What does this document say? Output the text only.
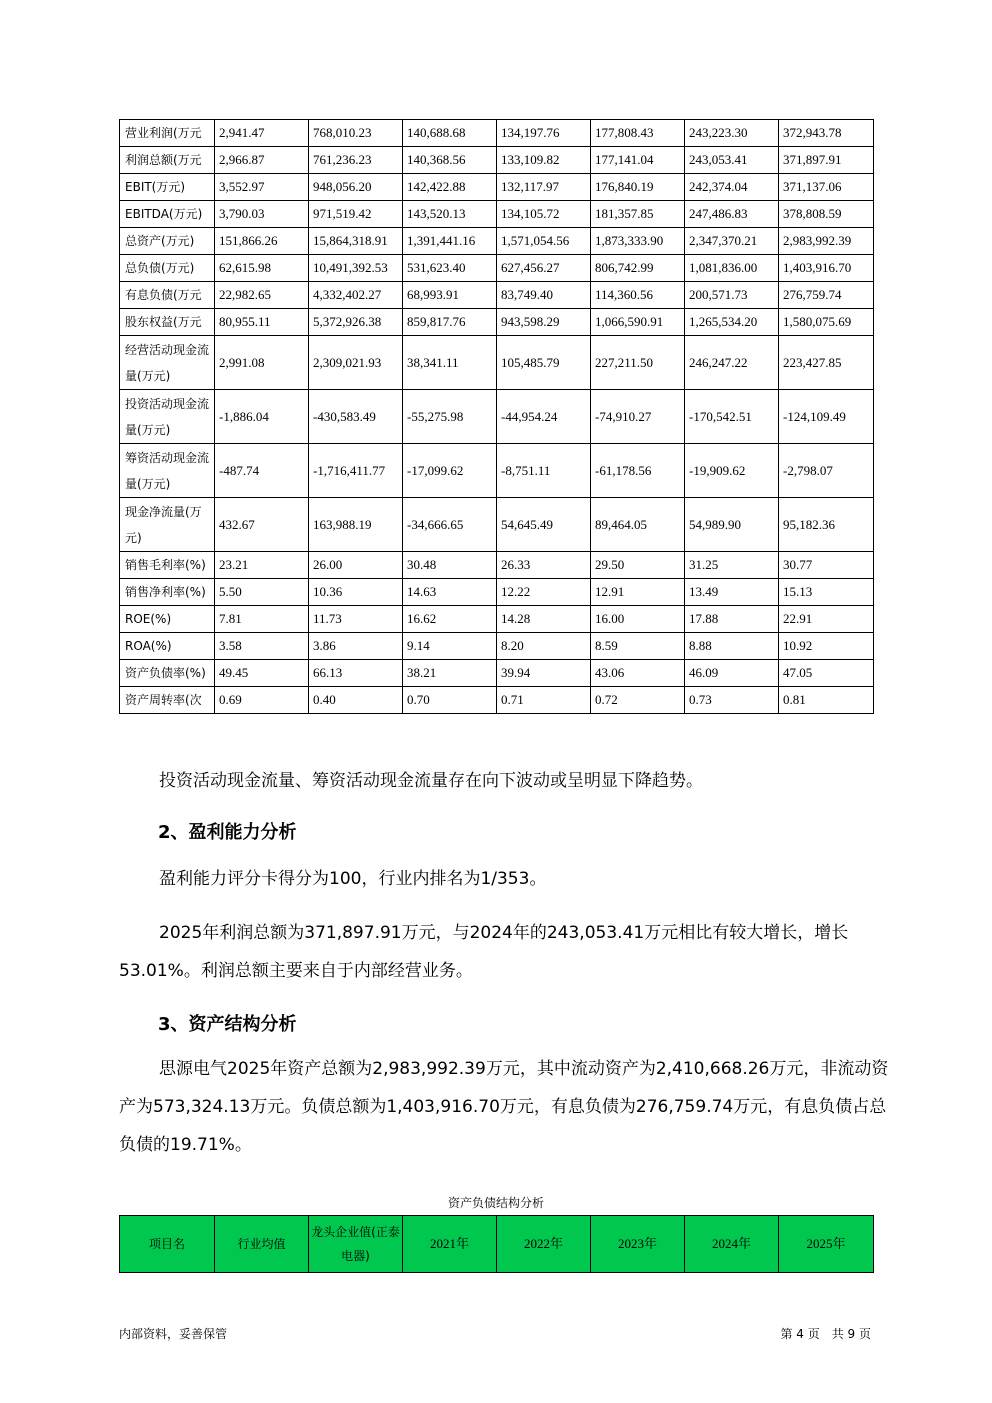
营业利润(万元	2,941.47	768,010.23	140,688.68	134,197.76	177,808.43	243,223.30	372,943.78
利润总额(万元	2,966.87	761,236.23	140,368.56	133,109.82	177,141.04	243,053.41	371,897.91
EBIT(万元)	3,552.97	948,056.20	142,422.88	132,117.97	176,840.19	242,374.04	371,137.06
EBITDA(万元)	3,790.03	971,519.42	143,520.13	134,105.72	181,357.85	247,486.83	378,808.59
总资产(万元)	151,866.26	15,864,318.91	1,391,441.16	1,571,054.56	1,873,333.90	2,347,370.21	2,983,992.39
总负债(万元)	62,615.98	10,491,392.53	531,623.40	627,456.27	806,742.99	1,081,836.00	1,403,916.70
有息负债(万元	22,982.65	4,332,402.27	68,993.91	83,749.40	114,360.56	200,571.73	276,759.74
股东权益(万元	80,955.11	5,372,926.38	859,817.76	943,598.29	1,066,590.91	1,265,534.20	1,580,075.69
经营活动现金流量(万元)	2,991.08	2,309,021.93	38,341.11	105,485.79	227,211.50	246,247.22	223,427.85
投资活动现金流量(万元)	-1,886.04	-430,583.49	-55,275.98	-44,954.24	-74,910.27	-170,542.51	-124,109.49
筹资活动现金流量(万元)	-487.74	-1,716,411.77	-17,099.62	-8,751.11	-61,178.56	-19,909.62	-2,798.07
现金净流量(万元)	432.67	163,988.19	-34,666.65	54,645.49	89,464.05	54,989.90	95,182.36
销售毛利率(%)	23.21	26.00	30.48	26.33	29.50	31.25	30.77
销售净利率(%)	5.50	10.36	14.63	12.22	12.91	13.49	15.13
ROE(%)	7.81	11.73	16.62	14.28	16.00	17.88	22.91
ROA(%)	3.58	3.86	9.14	8.20	8.59	8.88	10.92
资产负债率(%)	49.45	66.13	38.21	39.94	43.06	46.09	47.05
资产周转率(次	0.69	0.40	0.70	0.71	0.72	0.73	0.81

投资活动现金流量、筹资活动现金流量存在向下波动或呈明显下降趋势。

2、盈利能力分析

盈利能力评分卡得分为100，行业内排名为1/353。

2025年利润总额为371,897.91万元，与2024年的243,053.41万元相比有较大增长，增长53.01%。利润总额主要来自于内部经营业务。

3、资产结构分析

思源电气2025年资产总额为2,983,992.39万元，其中流动资产为2,410,668.26万元，非流动资产为573,324.13万元。负债总额为1,403,916.70万元，有息负债为276,759.74万元，有息负债占总负债的19.71%。

资产负债结构分析
项目名	行业均值	龙头企业值(正泰电器)	2021年	2022年	2023年	2024年	2025年
内部资料，妥善保管	第 4 页　共 9 页
